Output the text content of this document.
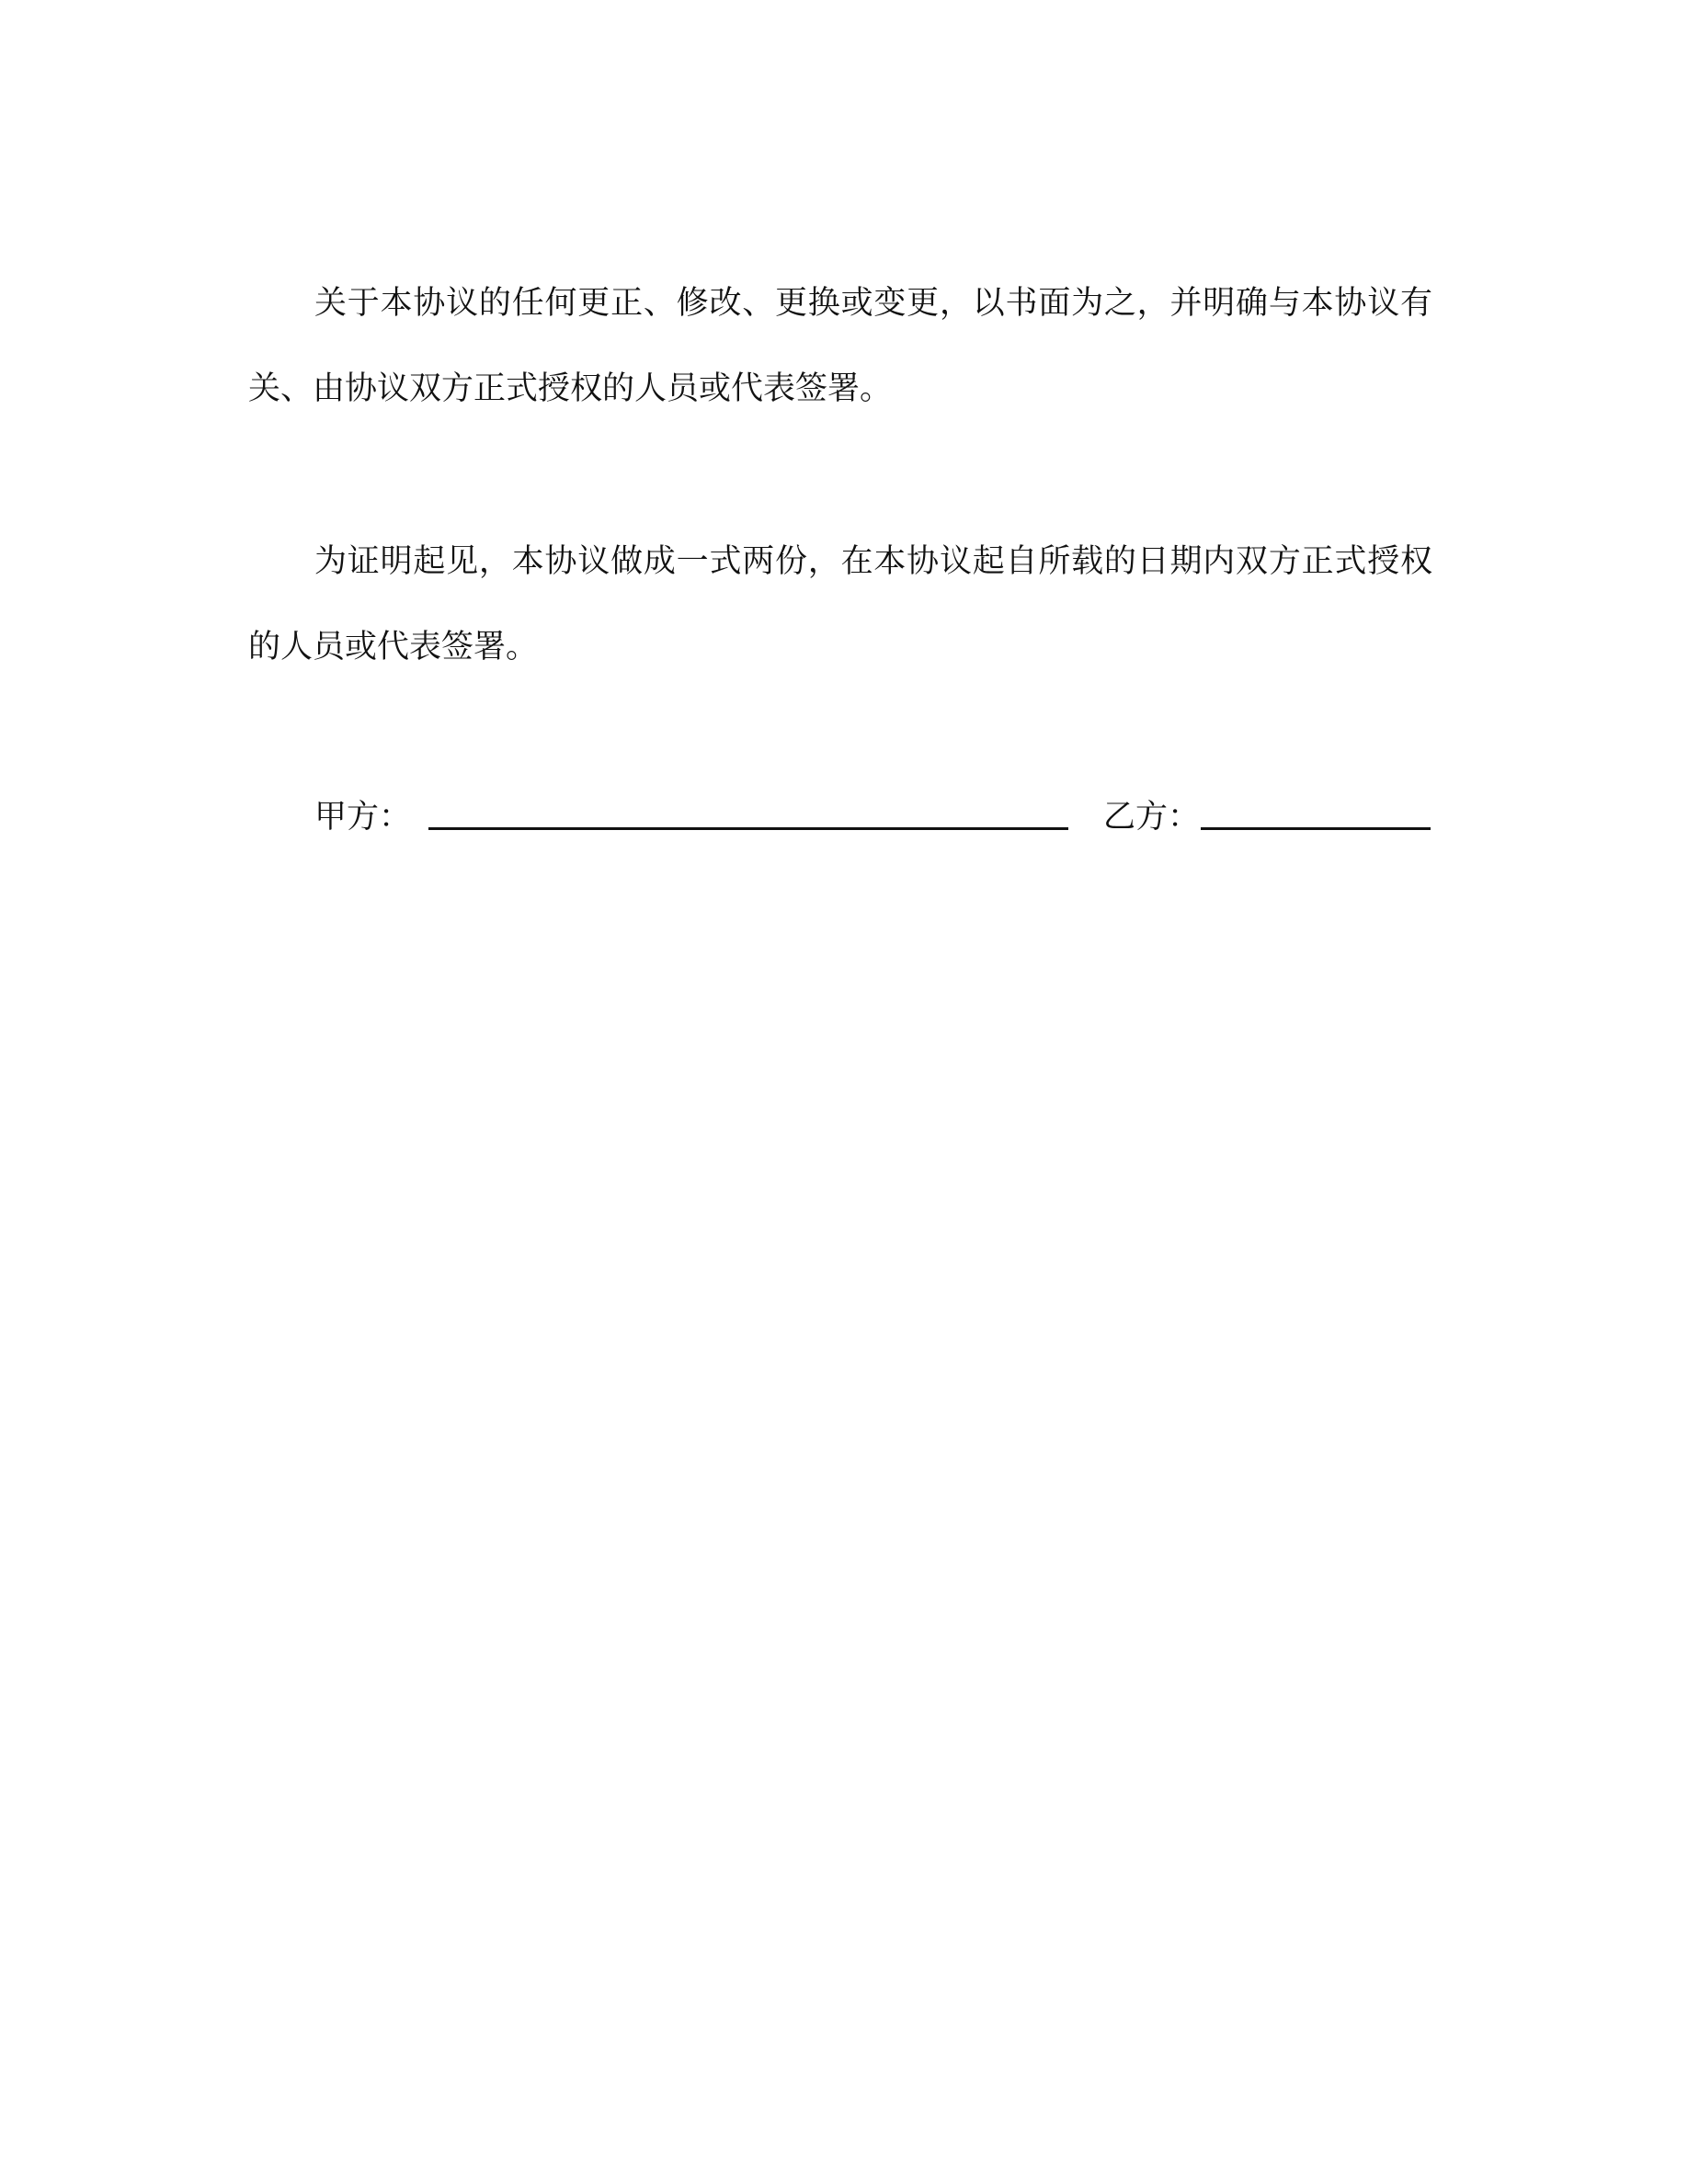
关于本协议的任何更正、修改、更换或变更，以书面为之，并明确与本协议有
关、由协议双方正式授权的人员或代表签署。
为证明起见，本协议做成一式两份，在本协议起自所载的日期内双方正式授权
的人员或代表签署。
甲方：	乙方：
